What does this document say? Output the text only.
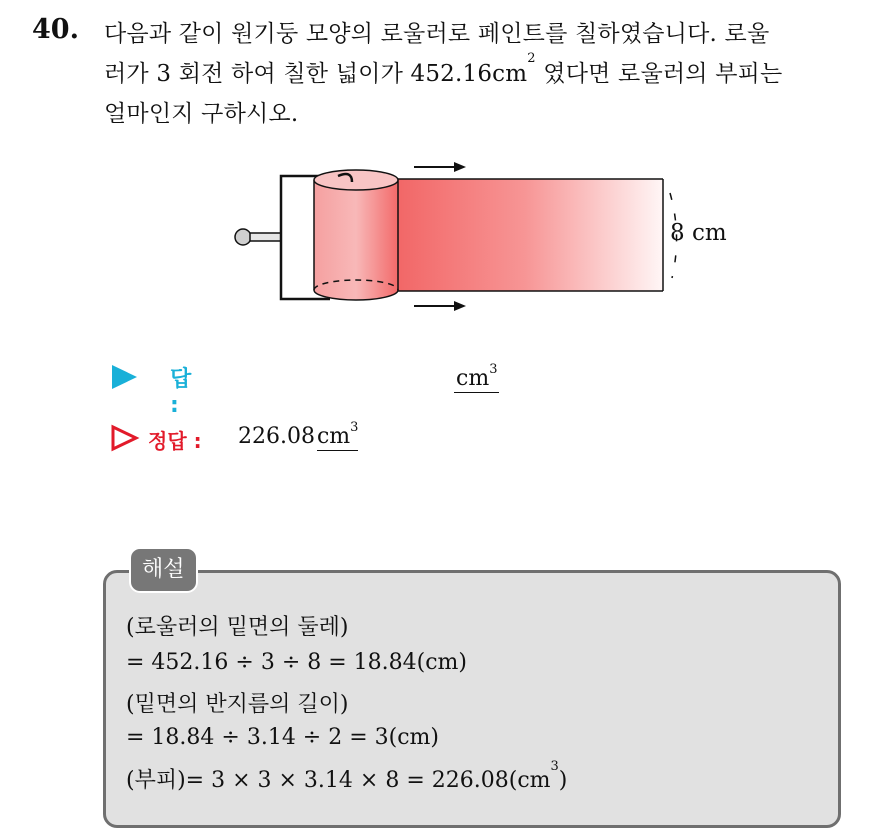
40. 다음과 같이 원기둥 모양의 로울러로 페인트를 칠하였습니다. 로울
러가 3 회전 하여 칠한 넓이가 $452.16cm^2$ 였다면 로울러의 부피는
얼마인지 구하시오.
8 cm
답 :
$cm^3$
정답 : $226.08cm^3$
해설
(로울러의 밑면의 둘레)
= 452.16 ÷ 3 ÷ 8 = 18.84(cm)
(밑면의 반지름의 길이)
= 18.84 ÷ 3.14 ÷ 2 = 3(cm)
(부피)= $3 \times 3 \times 3.14 \times 8 = 226.08(cm^3)$
